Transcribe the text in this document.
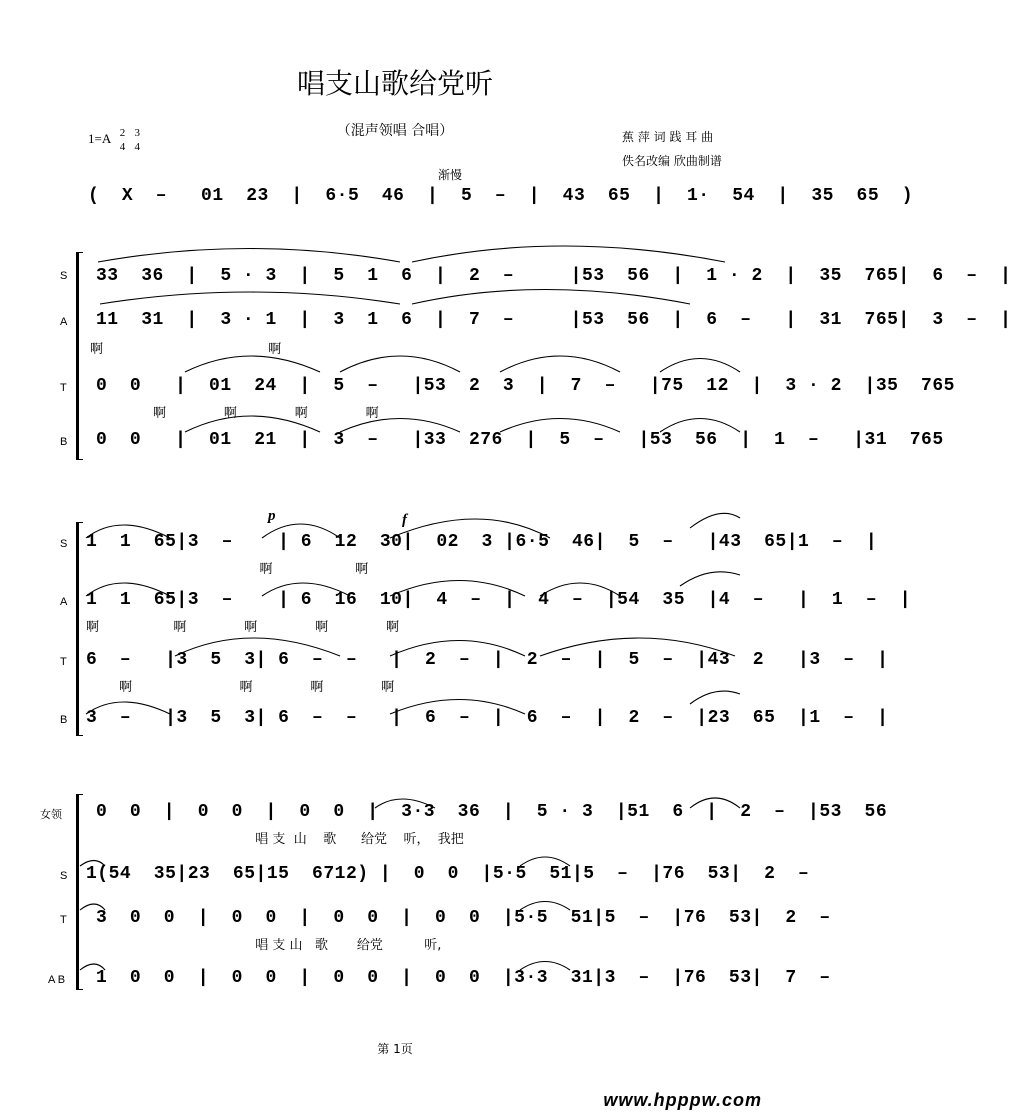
唱支山歌给党听
（混声领唱 合唱）
1=A 2
4 3
4
蕉 萍 词 践 耳 曲
佚名改编 欣曲制谱
渐慢
(  X  –   01  23  |  6·5  46  |  5  –  |  43  65  |  1·  54  |  35  65  )
S
A
T
B
33  36  |  5 · 3  |  5  1  6  |  2  –     |53  56  |  1 · 2  |  35  765|  6  –  |
11  31  |  3 · 1  |  3  1  6  |  7  –     |53  56  |  6  –   |  31  765|  3  –  |
0  0   |  01  24  |  5  –   |53  2  3  |  7  –   |75  12  |  3 · 2  |35  765
0  0   |  01  21  |  3  –   |33  276  |  5  –   |53  56  |  1  –   |31  765
啊                                        啊
啊              啊              啊              啊
S
A
T
B
p	f
1  1  65|3  –    | 6  12  30|  02  3 |6·5  46|  5  –   |43  65|1  –  |
1  1  65|3  –    | 6  16  10|  4  –  |  4  –  |54  35  |4  –   |  1  –  |
6  –   |3  5  3| 6  –  –   |  2  –  |  2  –  |  5  –  |43  2   |3  –  |
3  –   |3  5  3| 6  –  –   |  6  –  |  6  –  |  2  –  |23  65  |1  –  |
啊                    啊
啊                  啊              啊              啊              啊
啊                          啊              啊              啊
女领
S
T
A B
0  0  |  0  0  |  0  0  |  3·3  36  |  5 · 3  |51  6  |  2  –  |53  56
1(54  35|23  65|15  6712) |  0  0  |5·5  51|5  –  |76  53|  2  –
3  0  0  |  0  0  |  0  0  |  0  0  |5·5  51|5  –  |76  53|  2  –
1  0  0  |  0  0  |  0  0  |  0  0  |3·3  31|3  –  |76  53|  7  –
唱 支  山    歌      给党    听，  我把
唱 支 山   歌       给党          听,
第 1页
www.hpppw.com
